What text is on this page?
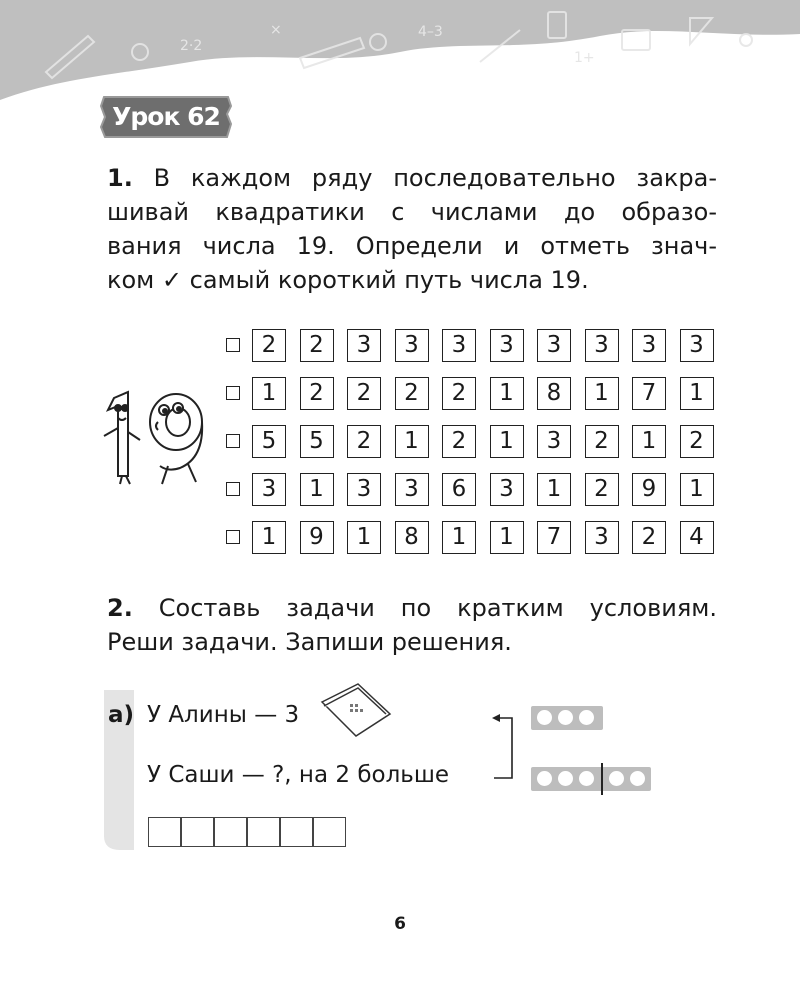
2·2
×	4–3
1+
Урок 62

1. В каждом ряду последовательно закра-
шивай квадратики с числами до образо-
вания числа 19. Определи и отметь знач-
ком ✓ самый короткий путь числа 19.

2	2	3	3	3	3	3	3	3	3
1	2	2	2	2	1	8	1	7	1
5	5	2	1	2	1	3	2	1	2
3	1	3	3	6	3	1	2	9	1
1	9	1	8	1	1	7	3	2	4

2. Составь задачи по кратким условиям.
Реши задачи. Запиши решения.

а) У Алины — 3
У Саши — ?, на 2 больше
6
